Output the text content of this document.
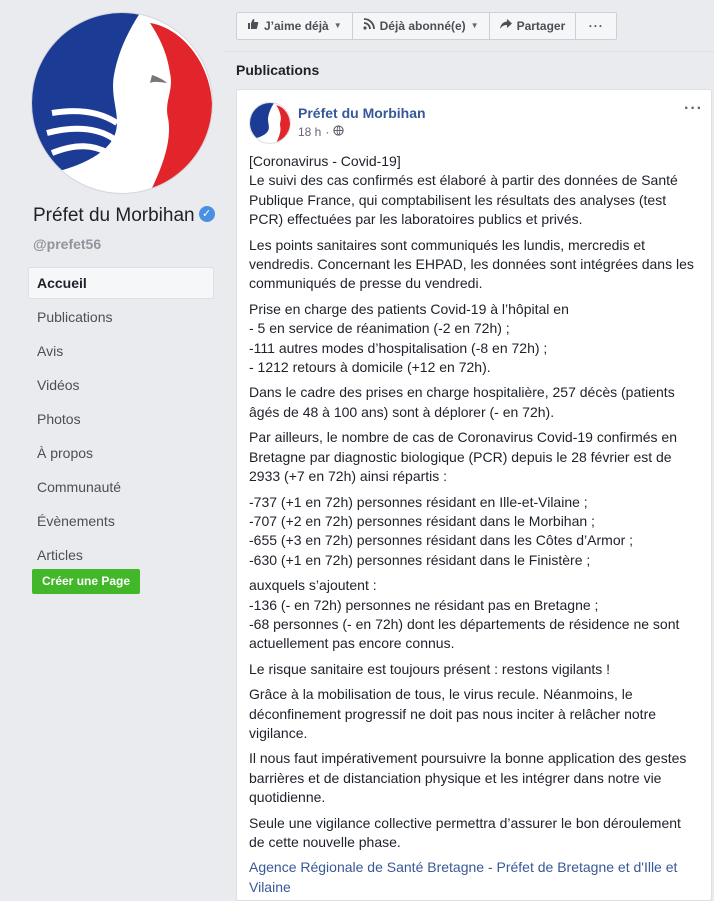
Préfet du Morbihan ✓
@prefet56
Accueil
Publications
Avis
Vidéos
Photos
À propos
Communauté
Évènements
Articles
Créer une Page
J’aime déjà ▼	Déjà abonné(e) ▼	Partager	···
Publications
Préfet du Morbihan
18 h ·
···

[Coronavirus - Covid-19]
Le suivi des cas confirmés est élaboré à partir des données de Santé Publique France, qui comptabilisent les résultats des analyses (test PCR) effectuées par les laboratoires publics et privés.

Les points sanitaires sont communiqués les lundis, mercredis et vendredis. Concernant les EHPAD, les données sont intégrées dans les communiqués de presse du vendredi.

Prise en charge des patients Covid-19 à l’hôpital en
- 5 en service de réanimation (-2 en 72h) ;
-111 autres modes d’hospitalisation (-8 en 72h) ;
- 1212 retours à domicile (+12 en 72h).

Dans le cadre des prises en charge hospitalière, 257 décès (patients âgés de 48 à 100 ans) sont à déplorer (- en 72h).

Par ailleurs, le nombre de cas de Coronavirus Covid-19 confirmés en Bretagne par diagnostic biologique (PCR) depuis le 28 février est de 2933 (+7 en 72h) ainsi répartis :

-737 (+1 en 72h) personnes résidant en Ille-et-Vilaine ;
-707 (+2 en 72h) personnes résidant dans le Morbihan ;
-655 (+3 en 72h) personnes résidant dans les Côtes d’Armor ;
-630 (+1 en 72h) personnes résidant dans le Finistère ;

auxquels s’ajoutent :
-136 (- en 72h) personnes ne résidant pas en Bretagne ;
-68 personnes (- en 72h) dont les départements de résidence ne sont actuellement pas encore connus.

Le risque sanitaire est toujours présent : restons vigilants !

Grâce à la mobilisation de tous, le virus recule. Néanmoins, le déconfinement progressif ne doit pas nous inciter à relâcher notre vigilance.

Il nous faut impérativement poursuivre la bonne application des gestes barrières et de distanciation physique et les intégrer dans notre vie quotidienne.

Seule une vigilance collective permettra d’assurer le bon déroulement de cette nouvelle phase.

Agence Régionale de Santé Bretagne - Préfet de Bretagne et d'Ille et Vilaine
